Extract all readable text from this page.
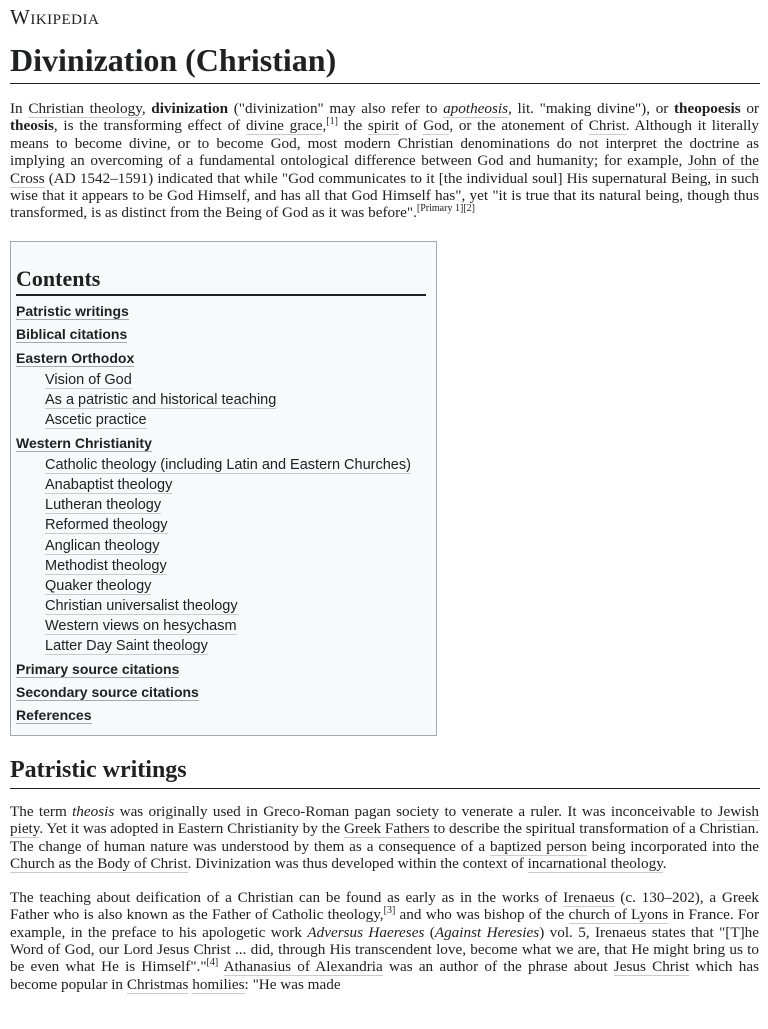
Wikipedia
Divinization (Christian)

In Christian theology, divinization ("divinization" may also refer to apotheosis, lit. "making divine"), or theopoesis or theosis, is the transforming effect of divine grace,[1] the spirit of God, or the atonement of Christ. Although it literally means to become divine, or to become God, most modern Christian denominations do not interpret the doctrine as implying an overcoming of a fundamental ontological difference between God and humanity; for example, John of the Cross (AD 1542–1591) indicated that while "God communicates to it [the individual soul] His supernatural Being, in such wise that it appears to be God Himself, and has all that God Himself has", yet "it is true that its natural being, though thus transformed, is as distinct from the Being of God as it was before".[Primary 1][2]

Contents
Patristic writings
Biblical citations
Eastern Orthodox
Vision of God
As a patristic and historical teaching
Ascetic practice
Western Christianity
Catholic theology (including Latin and Eastern Churches)
Anabaptist theology
Lutheran theology
Reformed theology
Anglican theology
Methodist theology
Quaker theology
Christian universalist theology
Western views on hesychasm
Latter Day Saint theology
Primary source citations
Secondary source citations
References
Patristic writings

The term theosis was originally used in Greco-Roman pagan society to venerate a ruler. It was inconceivable to Jewish piety. Yet it was adopted in Eastern Christianity by the Greek Fathers to describe the spiritual transformation of a Christian. The change of human nature was understood by them as a consequence of a baptized person being incorporated into the Church as the Body of Christ. Divinization was thus developed within the context of incarnational theology.

The teaching about deification of a Christian can be found as early as in the works of Irenaeus (c. 130–202), a Greek Father who is also known as the Father of Catholic theology,[3] and who was bishop of the church of Lyons in France. For example, in the preface to his apologetic work Adversus Haereses (Against Heresies) vol. 5, Irenaeus states that "[T]he Word of God, our Lord Jesus Christ ... did, through His transcendent love, become what we are, that He might bring us to be even what He is Himself"."[4] Athanasius of Alexandria was an author of the phrase about Jesus Christ which has become popular in Christmas homilies: "He was made
